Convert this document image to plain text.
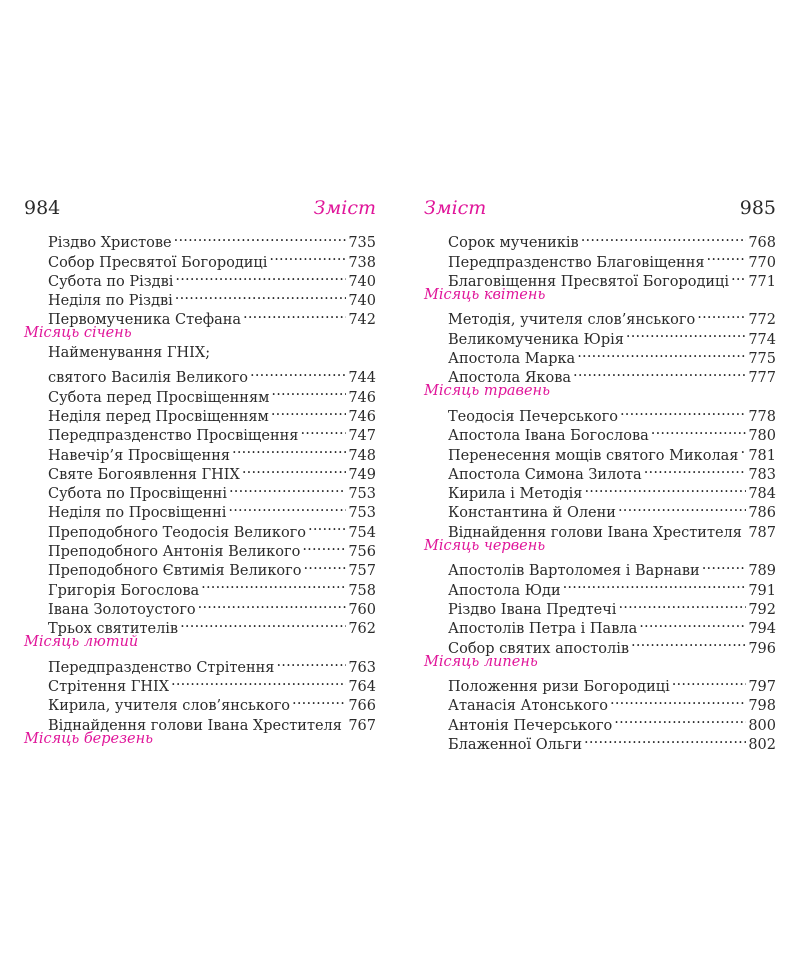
984	Зміст
Різдво Христове . . .	735
Собор Пресвятої Богородиці . . .	738
Субота по Різдві . . .	740
Неділя по Різдві . . .	740
Первомученика Стефана . . .	742
Місяць січень
Найменування ГНІХ;
святого Василія Великого . . .	744
Субота перед Просвіщенням . . .	746
Неділя перед Просвіщенням . . .	746
Передпразденство Просвіщення . . .	747
Навечір’я Просвіщення . . .	748
Святе Богоявлення ГНІХ . . .	749
Субота по Просвіщенні . . .	753
Неділя по Просвіщенні . . .	753
Преподобного Теодосія Великого . . .	754
Преподобного Антонія Великого . . .	756
Преподобного Євтимія Великого . . .	757
Григорія Богослова . . .	758
Івана Золотоустого . . .	760
Трьох святителів . . .	762
Місяць лютий
Передпразденство Стрітення . . .	763
Стрітення ГНІХ . . .	764
Кирила, учителя слов’янського . . .	766
Віднайдення голови Івана Хрестителя 767
Місяць березень
Зміст	985
Сорок мучеників . . .	768
Передпразденство Благовіщення . . .	770
Благовіщення Пресвятої Богородиці . . . 771
Місяць квітень
Методія, учителя слов’янського . . .	772
Великомученика Юрія . . .	774
Апостола Марка . . .	775
Апостола Якова . . .	777
Місяць травень
Теодосія Печерського . . .	778
Апостола Івана Богослова . . .	780
Перенесення мощів святого Миколая . . . 781
Апостола Симона Зилота . . .	783
Кирила і Методія . . .	784
Константина й Олени . . .	786
Віднайдення голови Івана Хрестителя 787
Місяць червень
Апостолів Вартоломея і Варнави . . .	789
Апостола Юди . . .	791
Різдво Івана Предтечі . . .	792
Апостолів Петра і Павла . . .	794
Собор святих апостолів . . .	796
Місяць липень
Положення ризи Богородиці . . .	797
Атанасія Атонського . . .	798
Антонія Печерського . . .	800
Блаженної Ольги . . .	802
